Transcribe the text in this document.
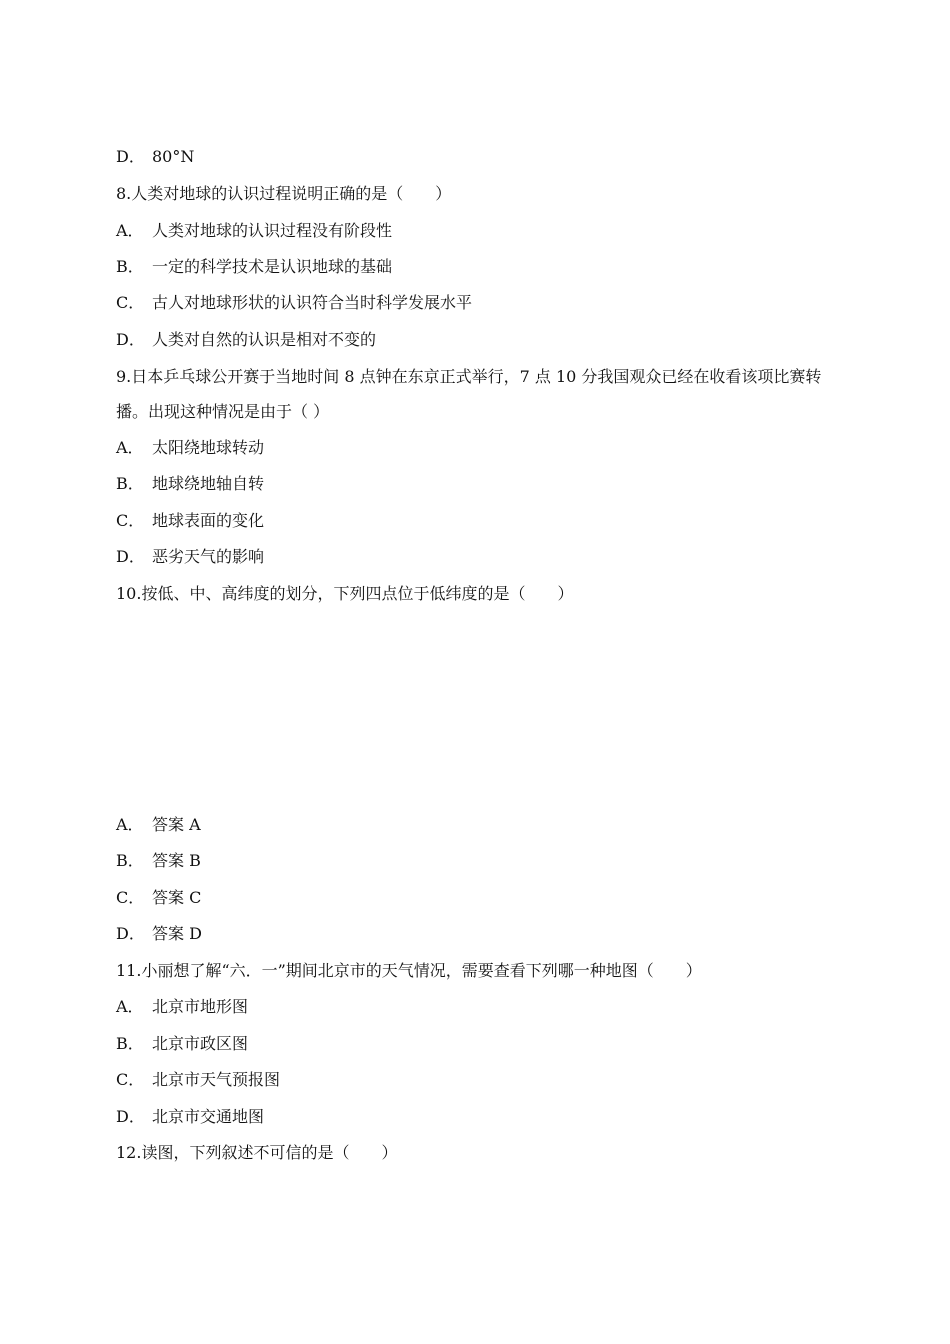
D． 80°N
8.人类对地球的认识过程说明正确的是（　　）
A． 人类对地球的认识过程没有阶段性
B． 一定的科学技术是认识地球的基础
C． 古人对地球形状的认识符合当时科学发展水平
D． 人类对自然的认识是相对不变的
9.日本乒乓球公开赛于当地时间 8 点钟在东京正式举行，7 点 10 分我国观众已经在收看该项比赛转
播。出现这种情况是由于（ ）
A． 太阳绕地球转动
B． 地球绕地轴自转
C． 地球表面的变化
D． 恶劣天气的影响
10.按低、中、高纬度的划分，下列四点位于低纬度的是（　　）
A． 答案 A
B． 答案 B
C． 答案 C
D． 答案 D
11.小丽想了解“六．一”期间北京市的天气情况，需要查看下列哪一种地图（　　）
A． 北京市地形图
B． 北京市政区图
C． 北京市天气预报图
D． 北京市交通地图
12.读图，下列叙述不可信的是（　　）
